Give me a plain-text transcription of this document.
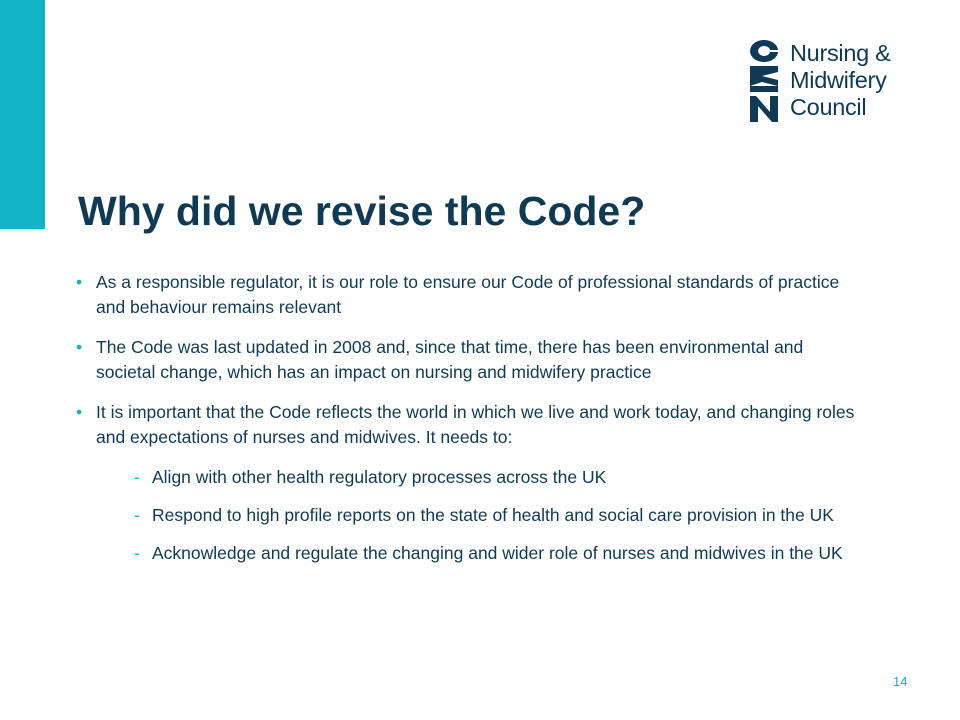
Nursing &
Midwifery
Council
Why did we revise the Code?
• As a responsible regulator, it is our role to ensure our Code of professional standards of practice and behaviour remains relevant
• The Code was last updated in 2008 and, since that time, there has been environmental and societal change, which has an impact on nursing and midwifery practice
• It is important that the Code reflects the world in which we live and work today, and changing roles and expectations of nurses and midwives. It needs to:
- Align with other health regulatory processes across the UK
- Respond to high profile reports on the state of health and social care provision in the UK
- Acknowledge and regulate the changing and wider role of nurses and midwives in the UK
14
